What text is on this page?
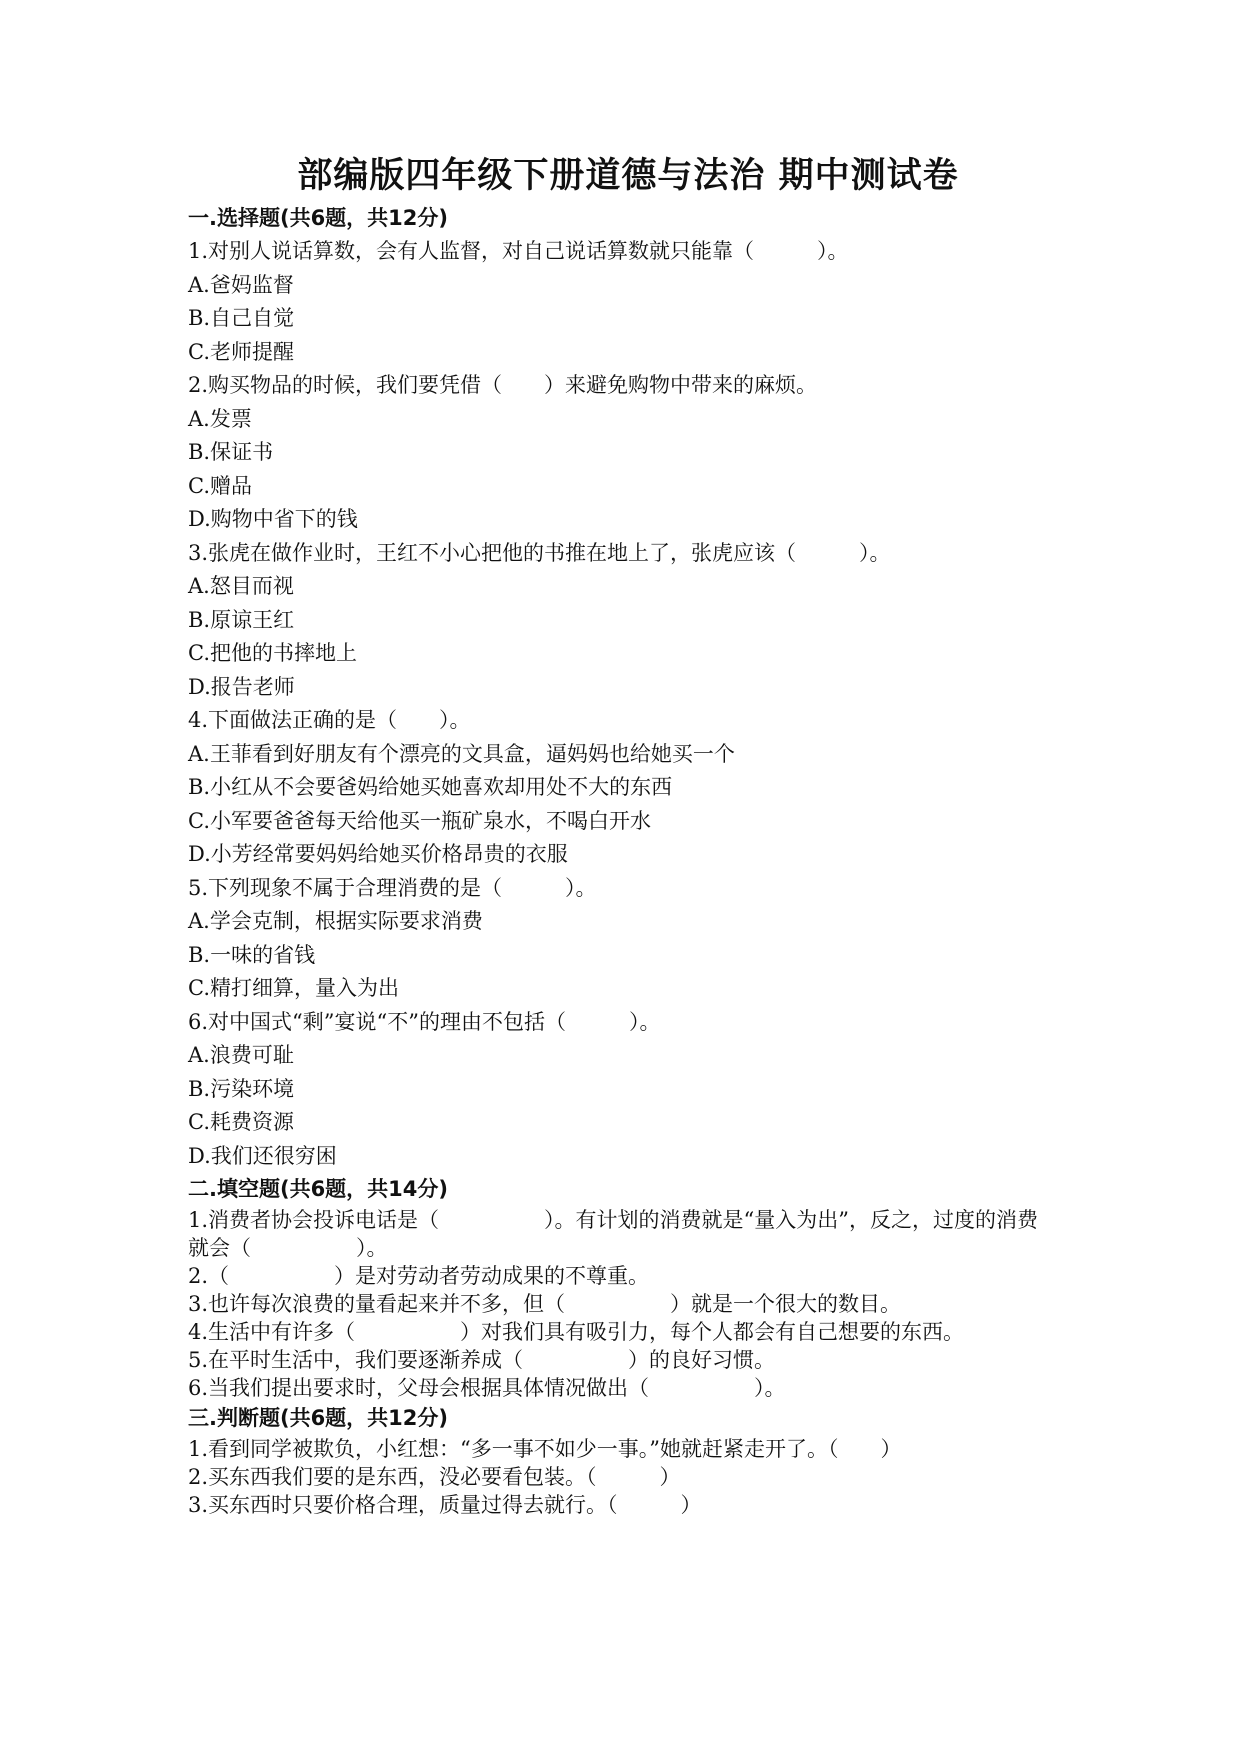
部编版四年级下册道德与法治 期中测试卷
一.选择题(共6题，共12分)
1.对别人说话算数，会有人监督，对自己说话算数就只能靠（　　　）。
A.爸妈监督
B.自己自觉
C.老师提醒
2.购买物品的时候，我们要凭借（　　）来避免购物中带来的麻烦。
A.发票
B.保证书
C.赠品
D.购物中省下的钱
3.张虎在做作业时，王红不小心把他的书推在地上了，张虎应该（　　　）。
A.怒目而视
B.原谅王红
C.把他的书摔地上
D.报告老师
4.下面做法正确的是（　　）。
A.王菲看到好朋友有个漂亮的文具盒，逼妈妈也给她买一个
B.小红从不会要爸妈给她买她喜欢却用处不大的东西
C.小军要爸爸每天给他买一瓶矿泉水，不喝白开水
D.小芳经常要妈妈给她买价格昂贵的衣服
5.下列现象不属于合理消费的是（　　　）。
A.学会克制，根据实际要求消费
B.一味的省钱
C.精打细算，量入为出
6.对中国式“剩”宴说“不”的理由不包括（　　　）。
A.浪费可耻
B.污染环境
C.耗费资源
D.我们还很穷困
二.填空题(共6题，共14分)
1.消费者协会投诉电话是（　　　　　）。有计划的消费就是“量入为出”，反之，过度的消费就会（　　　　　）。
2.（　　　　　）是对劳动者劳动成果的不尊重。
3.也许每次浪费的量看起来并不多，但（　　　　　）就是一个很大的数目。
4.生活中有许多（　　　　　）对我们具有吸引力，每个人都会有自己想要的东西。
5.在平时生活中，我们要逐渐养成（　　　　　）的良好习惯。
6.当我们提出要求时，父母会根据具体情况做出（　　　　　）。
三.判断题(共6题，共12分)
1.看到同学被欺负，小红想：“多一事不如少一事。”她就赶紧走开了。（　　）
2.买东西我们要的是东西，没必要看包装。（　　　）
3.买东西时只要价格合理，质量过得去就行。（　　　）
